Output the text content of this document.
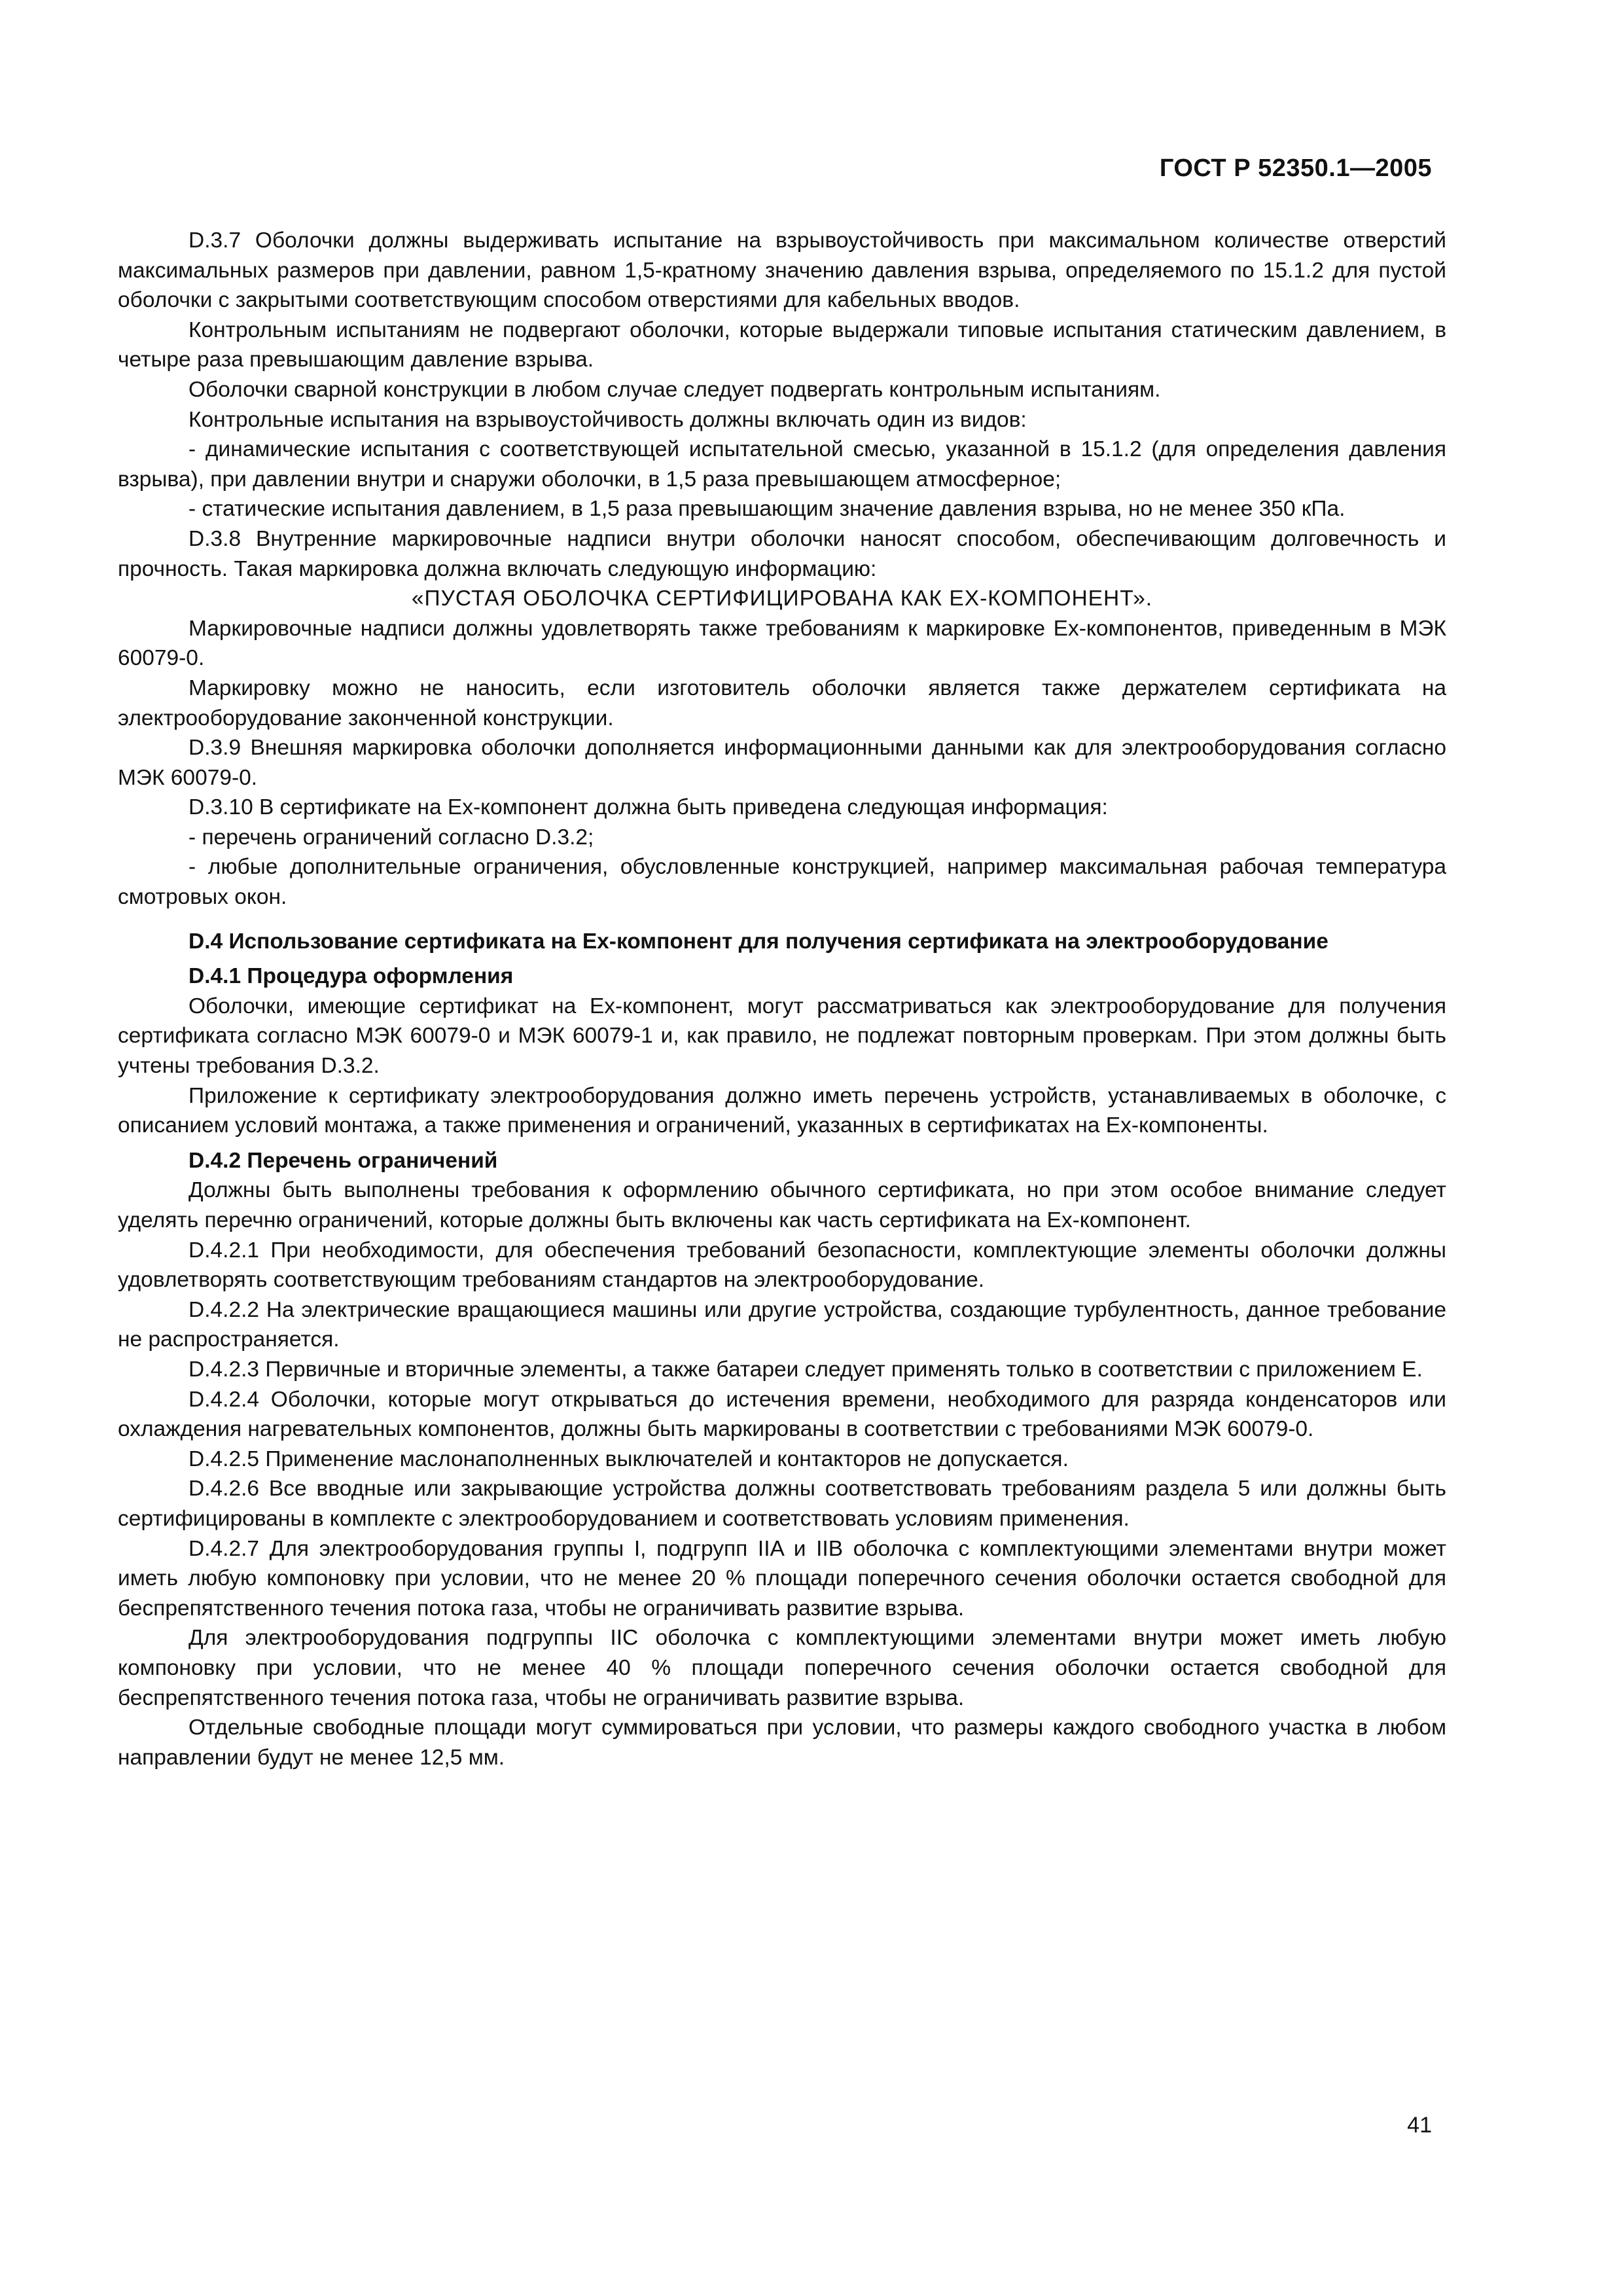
ГОСТ Р 52350.1—2005

D.3.7 Оболочки должны выдерживать испытание на взрывоустойчивость при максимальном количестве отверстий максимальных размеров при давлении, равном 1,5-кратному значению давления взрыва, определяемого по 15.1.2 для пустой оболочки с закрытыми соответствующим способом отверстиями для кабельных вводов.

Контрольным испытаниям не подвергают оболочки, которые выдержали типовые испытания статическим давлением, в четыре раза превышающим давление взрыва.

Оболочки сварной конструкции в любом случае следует подвергать контрольным испытаниям.

Контрольные испытания на взрывоустойчивость должны включать один из видов:

- динамические испытания с соответствующей испытательной смесью, указанной в 15.1.2 (для определения давления взрыва), при давлении внутри и снаружи оболочки, в 1,5 раза превышающем атмосферное;

- статические испытания давлением, в 1,5 раза превышающим значение давления взрыва, но не менее 350 кПа.

D.3.8 Внутренние маркировочные надписи внутри оболочки наносят способом, обеспечивающим долговечность и прочность. Такая маркировка должна включать следующую информацию:

«ПУСТАЯ ОБОЛОЧКА СЕРТИФИЦИРОВАНА КАК EX-КОМПОНЕНТ».

Маркировочные надписи должны удовлетворять также требованиям к маркировке Ex-компонентов, приведенным в МЭК 60079-0.

Маркировку можно не наносить, если изготовитель оболочки является также держателем сертификата на электрооборудование законченной конструкции.

D.3.9 Внешняя маркировка оболочки дополняется информационными данными как для электрооборудования согласно МЭК 60079-0.

D.3.10 В сертификате на Ex-компонент должна быть приведена следующая информация:

- перечень ограничений согласно D.3.2;

- любые дополнительные ограничения, обусловленные конструкцией, например максимальная рабочая температура смотровых окон.

D.4 Использование сертификата на Ex-компонент для получения сертификата на электрооборудование
D.4.1 Процедура оформления

Оболочки, имеющие сертификат на Ex-компонент, могут рассматриваться как электрооборудование для получения сертификата согласно МЭК 60079-0 и МЭК 60079-1 и, как правило, не подлежат повторным проверкам. При этом должны быть учтены требования D.3.2.

Приложение к сертификату электрооборудования должно иметь перечень устройств, устанавливаемых в оболочке, с описанием условий монтажа, а также применения и ограничений, указанных в сертификатах на Ex-компоненты.

D.4.2 Перечень ограничений

Должны быть выполнены требования к оформлению обычного сертификата, но при этом особое внимание следует уделять перечню ограничений, которые должны быть включены как часть сертификата на Ex-компонент.

D.4.2.1 При необходимости, для обеспечения требований безопасности, комплектующие элементы оболочки должны удовлетворять соответствующим требованиям стандартов на электрооборудование.

D.4.2.2 На электрические вращающиеся машины или другие устройства, создающие турбулентность, данное требование не распространяется.

D.4.2.3 Первичные и вторичные элементы, а также батареи следует применять только в соответствии с приложением Е.

D.4.2.4 Оболочки, которые могут открываться до истечения времени, необходимого для разряда конденсаторов или охлаждения нагревательных компонентов, должны быть маркированы в соответствии с требованиями МЭК 60079-0.

D.4.2.5 Применение маслонаполненных выключателей и контакторов не допускается.

D.4.2.6 Все вводные или закрывающие устройства должны соответствовать требованиям раздела 5 или должны быть сертифицированы в комплекте с электрооборудованием и соответствовать условиям применения.

D.4.2.7 Для электрооборудования группы I, подгрупп IIA и IIB оболочка с комплектующими элементами внутри может иметь любую компоновку при условии, что не менее 20 % площади поперечного сечения оболочки остается свободной для беспрепятственного течения потока газа, чтобы не ограничивать развитие взрыва.

Для электрооборудования подгруппы IIC оболочка с комплектующими элементами внутри может иметь любую компоновку при условии, что не менее 40 % площади поперечного сечения оболочки остается свободной для беспрепятственного течения потока газа, чтобы не ограничивать развитие взрыва.

Отдельные свободные площади могут суммироваться при условии, что размеры каждого свободного участка в любом направлении будут не менее 12,5 мм.

41
